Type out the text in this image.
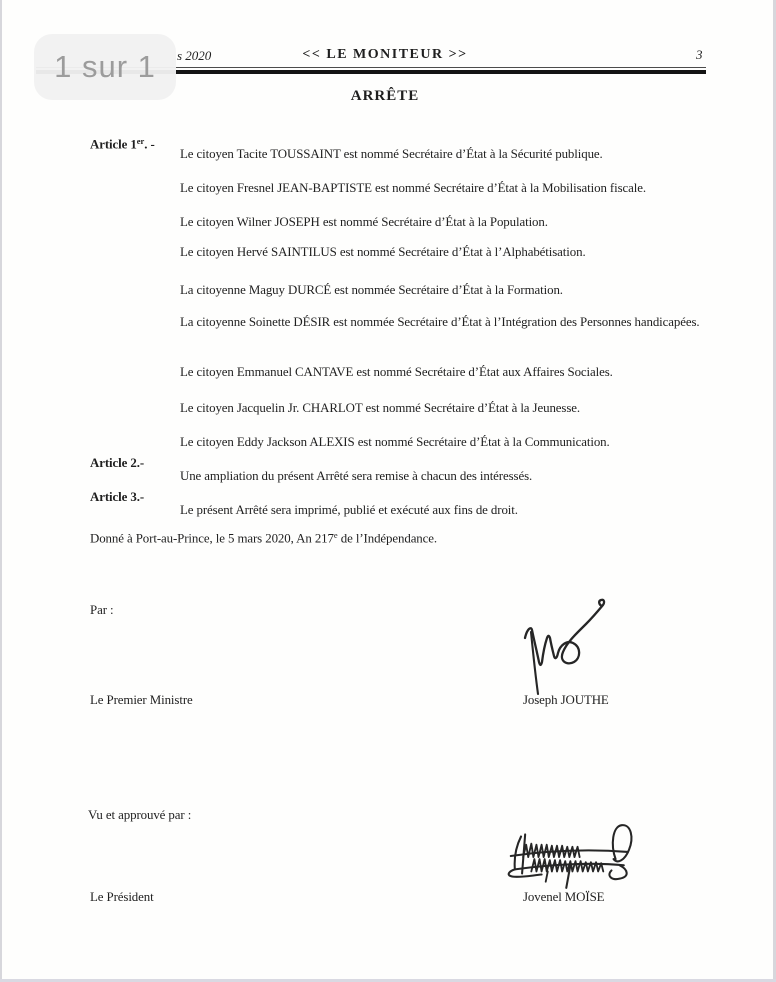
1 sur 1 s 2020	<< LE MONITEUR >>	3
ARRÊTE
Article 1er. -

Le citoyen Tacite TOUSSAINT est nommé Secrétaire d’État à la Sécurité publique.

Le citoyen Fresnel JEAN-BAPTISTE est nommé Secrétaire d’État à la Mobilisation fiscale.

Le citoyen Wilner JOSEPH est nommé Secrétaire d’État à la Population.

Le citoyen Hervé SAINTILUS est nommé Secrétaire d’État à l’Alphabétisation.

La citoyenne Maguy DURCÉ est nommée Secrétaire d’État à la Formation.

La citoyenne Soinette DÉSIR est nommée Secrétaire d’État à l’Intégration des Personnes handicapées.

Le citoyen Emmanuel CANTAVE est nommé Secrétaire d’État aux Affaires Sociales.

Le citoyen Jacquelin Jr. CHARLOT est nommé Secrétaire d’État à la Jeunesse.

Le citoyen Eddy Jackson ALEXIS est nommé Secrétaire d’État à la Communication.

Article 2.-

Une ampliation du présent Arrêté sera remise à chacun des intéressés.

Article 3.-

Le présent Arrêté sera imprimé, publié et exécuté aux fins de droit.

Donné à Port-au-Prince, le 5 mars 2020, An 217e de l’Indépendance.
Par :
Le Premier Ministre	Joseph JOUTHE
Vu et approuvé par :
Le Président	Jovenel MOÏSE
